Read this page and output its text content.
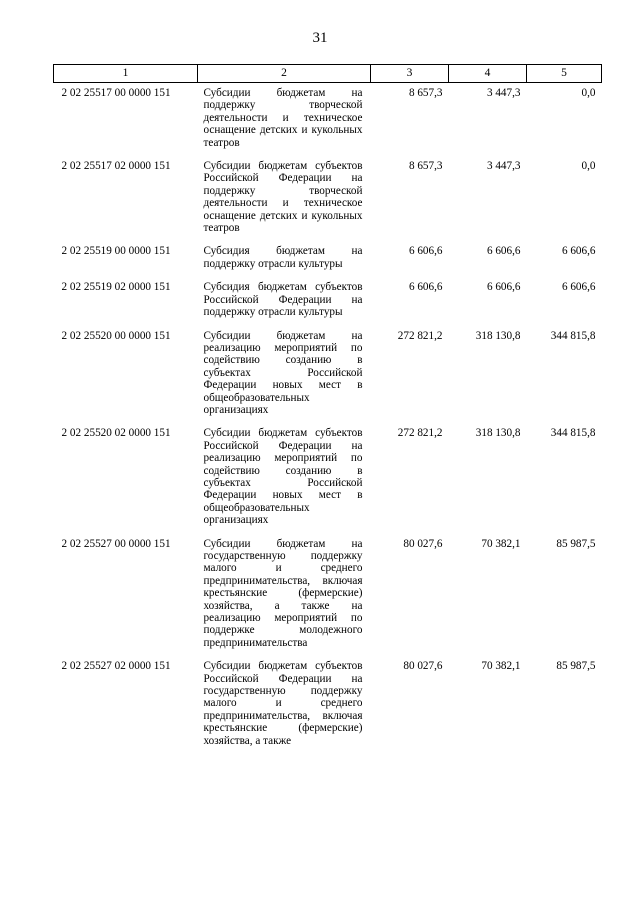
31
1	2	3	4	5
2 02 25517 00 0000 151	Субсидии бюджетам на поддержку творческой деятельности и техническое оснащение детских и кукольных театров	8 657,3	3 447,3	0,0
2 02 25517 02 0000 151	Субсидии бюджетам субъектов Российской Федерации на поддержку творческой деятельности и техническое оснащение детских и кукольных театров	8 657,3	3 447,3	0,0
2 02 25519 00 0000 151	Субсидия бюджетам на поддержку отрасли культуры	6 606,6	6 606,6	6 606,6
2 02 25519 02 0000 151	Субсидия бюджетам субъектов Российской Федерации на поддержку отрасли культуры	6 606,6	6 606,6	6 606,6
2 02 25520 00 0000 151	Субсидии бюджетам на реализацию мероприятий по содействию созданию в субъектах Российской Федерации новых мест в общеобразовательных организациях	272 821,2	318 130,8	344 815,8
2 02 25520 02 0000 151	Субсидии бюджетам субъектов Российской Федерации на реализацию мероприятий по содействию созданию в субъектах Российской Федерации новых мест в общеобразовательных организациях	272 821,2	318 130,8	344 815,8
2 02 25527 00 0000 151	Субсидии бюджетам на государственную поддержку малого и среднего предпринимательства, включая крестьянские (фермерские) хозяйства, а также на реализацию мероприятий по поддержке молодежного предпринимательства	80 027,6	70 382,1	85 987,5
2 02 25527 02 0000 151	Субсидии бюджетам субъектов Российской Федерации на государственную поддержку малого и среднего предпринимательства, включая крестьянские (фермерские) хозяйства, а также	80 027,6	70 382,1	85 987,5
